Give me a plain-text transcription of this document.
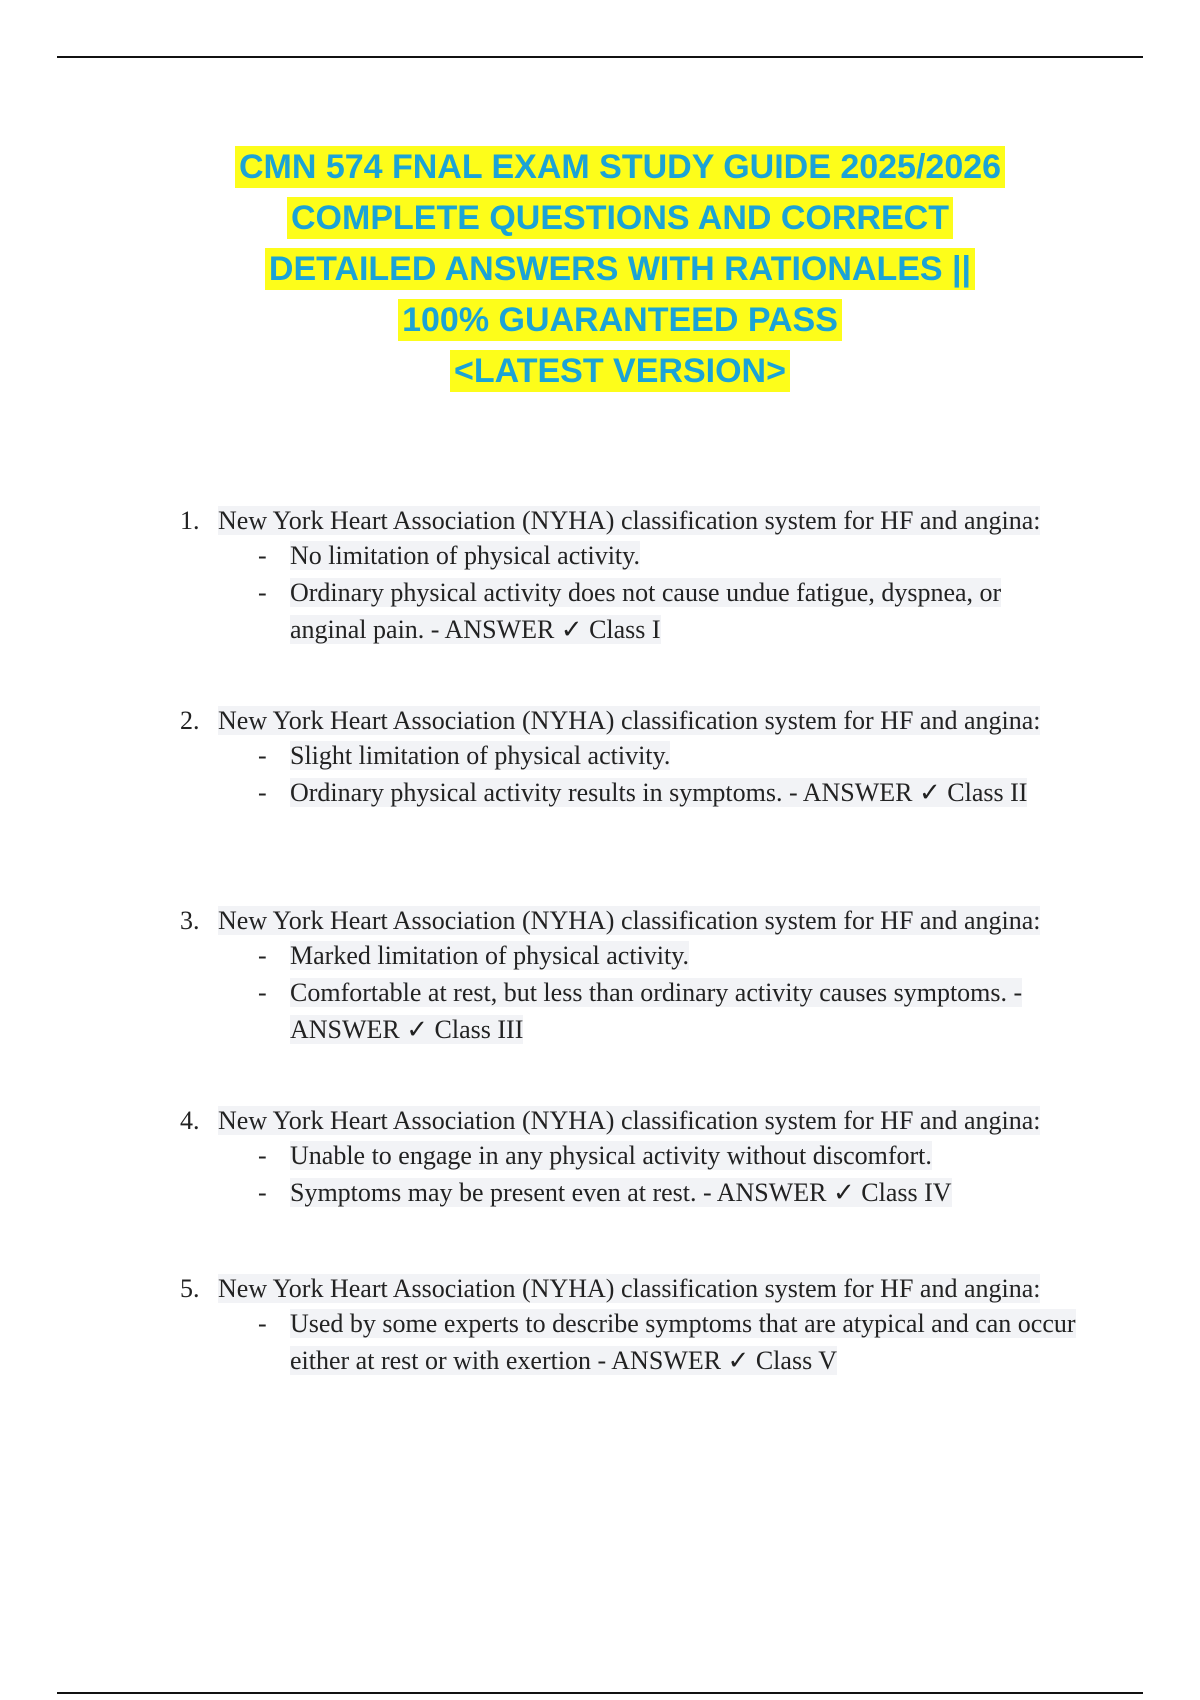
CMN 574 FNAL EXAM STUDY GUIDE 2025/2026
COMPLETE QUESTIONS AND CORRECT
DETAILED ANSWERS WITH RATIONALES ||
100% GUARANTEED PASS
<LATEST VERSION>
1. New York Heart Association (NYHA) classification system for HF and angina:
- No limitation of physical activity.
- Ordinary physical activity does not cause undue fatigue, dyspnea, or anginal pain. - ANSWER ✓ Class I
2. New York Heart Association (NYHA) classification system for HF and angina:
- Slight limitation of physical activity.
- Ordinary physical activity results in symptoms. - ANSWER ✓ Class II
3. New York Heart Association (NYHA) classification system for HF and angina:
- Marked limitation of physical activity.
- Comfortable at rest, but less than ordinary activity causes symptoms. - ANSWER ✓ Class III
4. New York Heart Association (NYHA) classification system for HF and angina:
- Unable to engage in any physical activity without discomfort.
- Symptoms may be present even at rest. - ANSWER ✓ Class IV
5. New York Heart Association (NYHA) classification system for HF and angina:
- Used by some experts to describe symptoms that are atypical and can occur either at rest or with exertion - ANSWER ✓ Class V
